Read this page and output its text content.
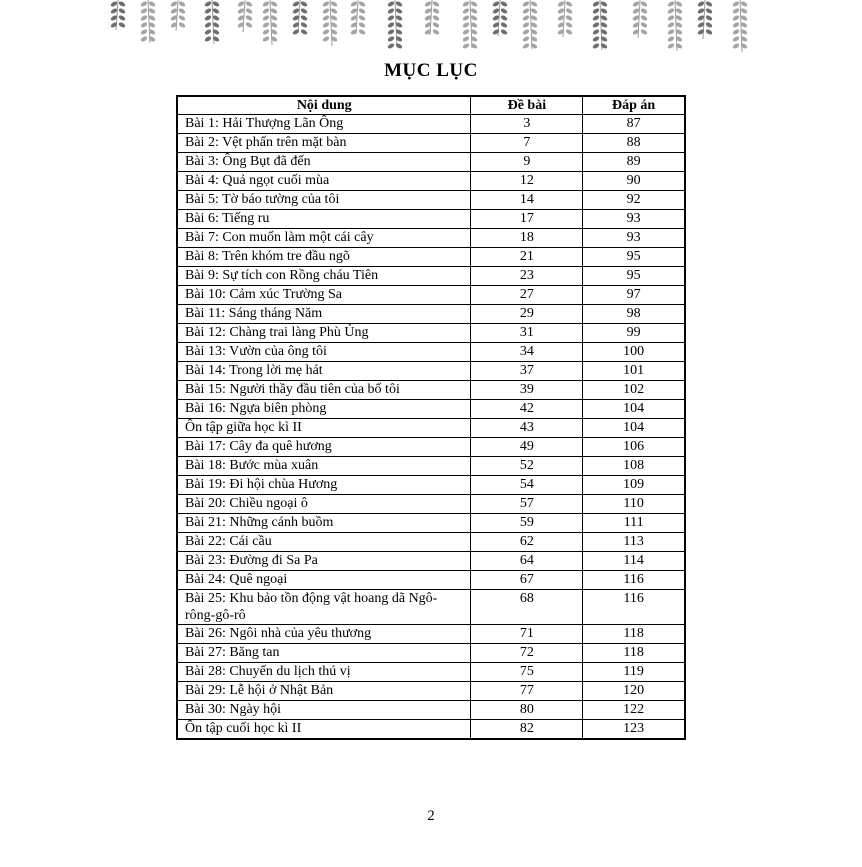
MỤC LỤC
Nội dung	Đề bài	Đáp án
Bài 1: Hải Thượng Lãn Ông	3	87
Bài 2: Vệt phấn trên mặt bàn	7	88
Bài 3: Ông Bụt đã đến	9	89
Bài 4: Quả ngọt cuối mùa	12	90
Bài 5: Tờ báo tường của tôi	14	92
Bài 6: Tiếng ru	17	93
Bài 7: Con muốn làm một cái cây	18	93
Bài 8: Trên khóm tre đầu ngõ	21	95
Bài 9: Sự tích con Rồng cháu Tiên	23	95
Bài 10: Cảm xúc Trường Sa	27	97
Bài 11: Sáng tháng Năm	29	98
Bài 12: Chàng trai làng Phù Ủng	31	99
Bài 13: Vườn của ông tôi	34	100
Bài 14: Trong lời mẹ hát	37	101
Bài 15: Người thầy đầu tiên của bố tôi	39	102
Bài 16: Ngựa biên phòng	42	104
Ôn tập giữa học kì II	43	104
Bài 17: Cây đa quê hương	49	106
Bài 18: Bước mùa xuân	52	108
Bài 19: Đi hội chùa Hương	54	109
Bài 20: Chiều ngoại ô	57	110
Bài 21: Những cánh buồm	59	111
Bài 22: Cái cầu	62	113
Bài 23: Đường đi Sa Pa	64	114
Bài 24: Quê ngoại	67	116
Bài 25: Khu bảo tồn động vật hoang dã Ngô-rông-gô-rô	68	116
Bài 26: Ngôi nhà của yêu thương	71	118
Bài 27: Băng tan	72	118
Bài 28: Chuyến du lịch thú vị	75	119
Bài 29: Lễ hội ở Nhật Bản	77	120
Bài 30: Ngày hội	80	122
Ôn tập cuối học kì II	82	123
2
